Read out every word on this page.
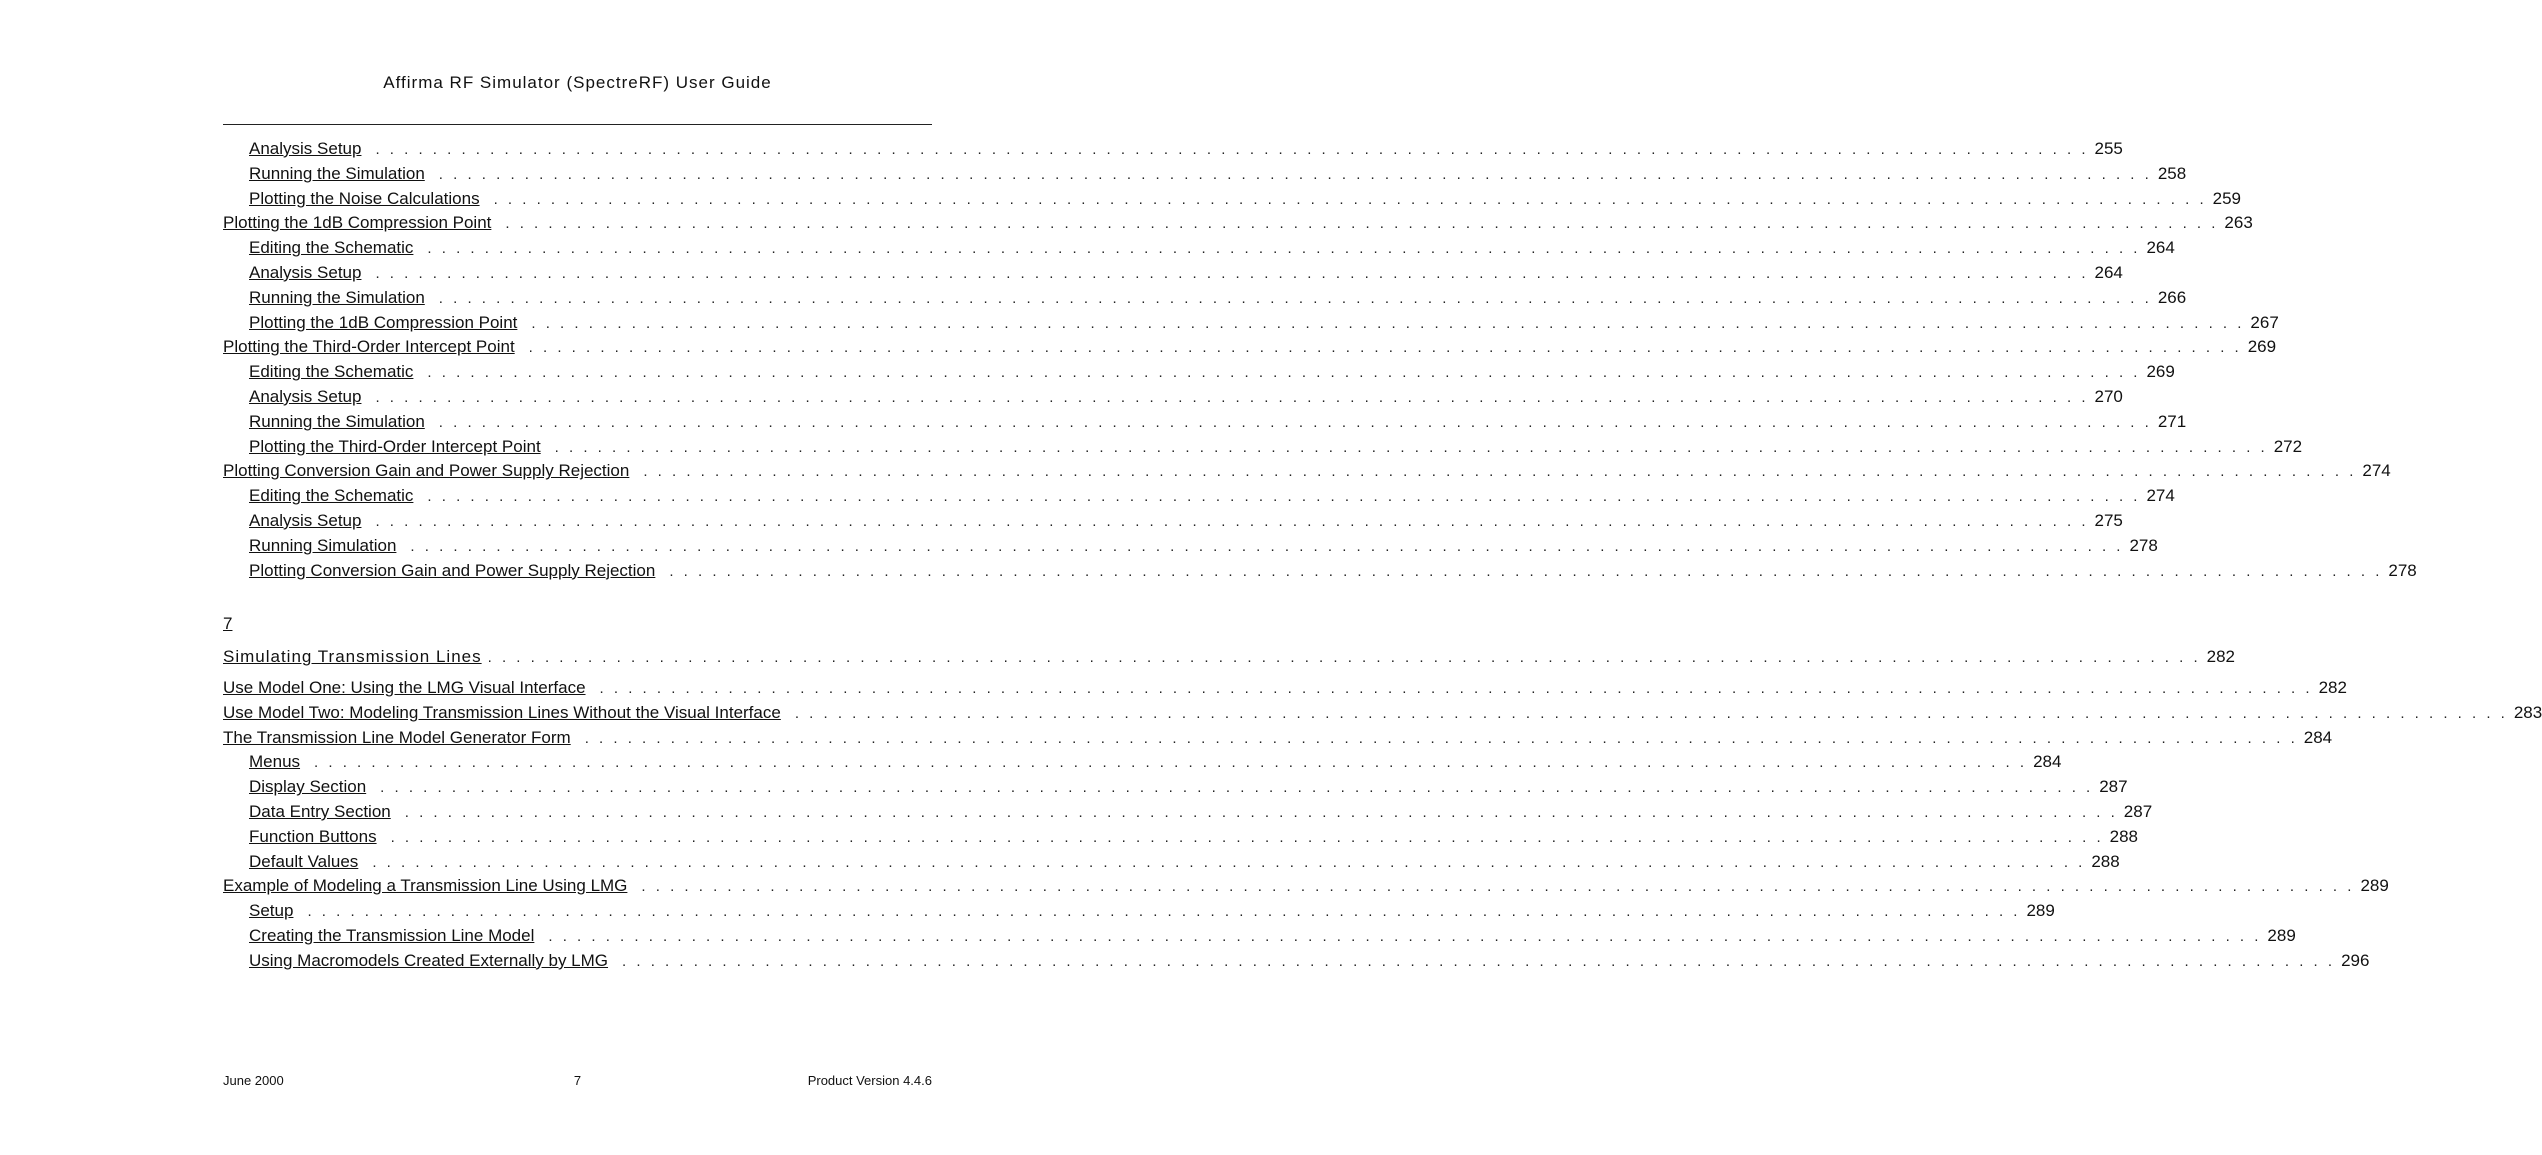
Affirma RF Simulator (SpectreRF) User Guide
Analysis Setup . . . . . . . . . . . . . . . . . . . . . . . . . . . . . . . . . . . . . . . . . . . . . . . . . . . . . . . . . . . . . . . . . . . . . . . . . . . . . . . . . . . . . . . . . . . . . . . . . . . . . . . . . . . . . . . . . . . . . . . . 255
Running the Simulation . . . . . . . . . . . . . . . . . . . . . . . . . . . . . . . . . . . . . . . . . . . . . . . . . . . . . . . . . . . . . . . . . . . . . . . . . . . . . . . . . . . . . . . . . . . . . . . . . . . . . . . . . . . . . . . . . . . . . . . . 258
Plotting the Noise Calculations . . . . . . . . . . . . . . . . . . . . . . . . . . . . . . . . . . . . . . . . . . . . . . . . . . . . . . . . . . . . . . . . . . . . . . . . . . . . . . . . . . . . . . . . . . . . . . . . . . . . . . . . . . . . . . . . . . . . . . . . 259
Plotting the 1dB Compression Point . . . . . . . . . . . . . . . . . . . . . . . . . . . . . . . . . . . . . . . . . . . . . . . . . . . . . . . . . . . . . . . . . . . . . . . . . . . . . . . . . . . . . . . . . . . . . . . . . . . . . . . . . . . . . . . . . . . . . . . . 263
Editing the Schematic . . . . . . . . . . . . . . . . . . . . . . . . . . . . . . . . . . . . . . . . . . . . . . . . . . . . . . . . . . . . . . . . . . . . . . . . . . . . . . . . . . . . . . . . . . . . . . . . . . . . . . . . . . . . . . . . . . . . . . . . 264
Analysis Setup . . . . . . . . . . . . . . . . . . . . . . . . . . . . . . . . . . . . . . . . . . . . . . . . . . . . . . . . . . . . . . . . . . . . . . . . . . . . . . . . . . . . . . . . . . . . . . . . . . . . . . . . . . . . . . . . . . . . . . . . 264
Running the Simulation . . . . . . . . . . . . . . . . . . . . . . . . . . . . . . . . . . . . . . . . . . . . . . . . . . . . . . . . . . . . . . . . . . . . . . . . . . . . . . . . . . . . . . . . . . . . . . . . . . . . . . . . . . . . . . . . . . . . . . . . 266
Plotting the 1dB Compression Point . . . . . . . . . . . . . . . . . . . . . . . . . . . . . . . . . . . . . . . . . . . . . . . . . . . . . . . . . . . . . . . . . . . . . . . . . . . . . . . . . . . . . . . . . . . . . . . . . . . . . . . . . . . . . . . . . . . . . . . . 267
Plotting the Third-Order Intercept Point . . . . . . . . . . . . . . . . . . . . . . . . . . . . . . . . . . . . . . . . . . . . . . . . . . . . . . . . . . . . . . . . . . . . . . . . . . . . . . . . . . . . . . . . . . . . . . . . . . . . . . . . . . . . . . . . . . . . . . . . 269
Editing the Schematic . . . . . . . . . . . . . . . . . . . . . . . . . . . . . . . . . . . . . . . . . . . . . . . . . . . . . . . . . . . . . . . . . . . . . . . . . . . . . . . . . . . . . . . . . . . . . . . . . . . . . . . . . . . . . . . . . . . . . . . . 269
Analysis Setup . . . . . . . . . . . . . . . . . . . . . . . . . . . . . . . . . . . . . . . . . . . . . . . . . . . . . . . . . . . . . . . . . . . . . . . . . . . . . . . . . . . . . . . . . . . . . . . . . . . . . . . . . . . . . . . . . . . . . . . . 270
Running the Simulation . . . . . . . . . . . . . . . . . . . . . . . . . . . . . . . . . . . . . . . . . . . . . . . . . . . . . . . . . . . . . . . . . . . . . . . . . . . . . . . . . . . . . . . . . . . . . . . . . . . . . . . . . . . . . . . . . . . . . . . . 271
Plotting the Third-Order Intercept Point . . . . . . . . . . . . . . . . . . . . . . . . . . . . . . . . . . . . . . . . . . . . . . . . . . . . . . . . . . . . . . . . . . . . . . . . . . . . . . . . . . . . . . . . . . . . . . . . . . . . . . . . . . . . . . . . . . . . . . . . 272
Plotting Conversion Gain and Power Supply Rejection . . . . . . . . . . . . . . . . . . . . . . . . . . . . . . . . . . . . . . . . . . . . . . . . . . . . . . . . . . . . . . . . . . . . . . . . . . . . . . . . . . . . . . . . . . . . . . . . . . . . . . . . . . . . . . . . . . . . . . . . 274
Editing the Schematic . . . . . . . . . . . . . . . . . . . . . . . . . . . . . . . . . . . . . . . . . . . . . . . . . . . . . . . . . . . . . . . . . . . . . . . . . . . . . . . . . . . . . . . . . . . . . . . . . . . . . . . . . . . . . . . . . . . . . . . . 274
Analysis Setup . . . . . . . . . . . . . . . . . . . . . . . . . . . . . . . . . . . . . . . . . . . . . . . . . . . . . . . . . . . . . . . . . . . . . . . . . . . . . . . . . . . . . . . . . . . . . . . . . . . . . . . . . . . . . . . . . . . . . . . . 275
Running Simulation . . . . . . . . . . . . . . . . . . . . . . . . . . . . . . . . . . . . . . . . . . . . . . . . . . . . . . . . . . . . . . . . . . . . . . . . . . . . . . . . . . . . . . . . . . . . . . . . . . . . . . . . . . . . . . . . . . . . . . . . 278
Plotting Conversion Gain and Power Supply Rejection . . . . . . . . . . . . . . . . . . . . . . . . . . . . . . . . . . . . . . . . . . . . . . . . . . . . . . . . . . . . . . . . . . . . . . . . . . . . . . . . . . . . . . . . . . . . . . . . . . . . . . . . . . . . . . . . . . . . . . . . 278
7
Simulating Transmission Lines . . . . . . . . . . . . . . . . . . . . . . . . . . . . . . . . . . . . . . . . . . . . . . . . . . . . . . . . . . . . . . . . . . . . . . . . . . . . . . . . . . . . . . . . . . . . . . . . . . . . . . . . . . . . . . . . . . . . . . . . 282
Use Model One: Using the LMG Visual Interface . . . . . . . . . . . . . . . . . . . . . . . . . . . . . . . . . . . . . . . . . . . . . . . . . . . . . . . . . . . . . . . . . . . . . . . . . . . . . . . . . . . . . . . . . . . . . . . . . . . . . . . . . . . . . . . . . . . . . . . . 282
Use Model Two: Modeling Transmission Lines Without the Visual Interface . . . . . . . . . . . . . . . . . . . . . . . . . . . . . . . . . . . . . . . . . . . . . . . . . . . . . . . . . . . . . . . . . . . . . . . . . . . . . . . . . . . . . . . . . . . . . . . . . . . . . . . . . . . . . . . . . . . . . . . . 283
The Transmission Line Model Generator Form . . . . . . . . . . . . . . . . . . . . . . . . . . . . . . . . . . . . . . . . . . . . . . . . . . . . . . . . . . . . . . . . . . . . . . . . . . . . . . . . . . . . . . . . . . . . . . . . . . . . . . . . . . . . . . . . . . . . . . . . 284
Menus . . . . . . . . . . . . . . . . . . . . . . . . . . . . . . . . . . . . . . . . . . . . . . . . . . . . . . . . . . . . . . . . . . . . . . . . . . . . . . . . . . . . . . . . . . . . . . . . . . . . . . . . . . . . . . . . . . . . . . . . 284
Display Section . . . . . . . . . . . . . . . . . . . . . . . . . . . . . . . . . . . . . . . . . . . . . . . . . . . . . . . . . . . . . . . . . . . . . . . . . . . . . . . . . . . . . . . . . . . . . . . . . . . . . . . . . . . . . . . . . . . . . . . . 287
Data Entry Section . . . . . . . . . . . . . . . . . . . . . . . . . . . . . . . . . . . . . . . . . . . . . . . . . . . . . . . . . . . . . . . . . . . . . . . . . . . . . . . . . . . . . . . . . . . . . . . . . . . . . . . . . . . . . . . . . . . . . . . . 287
Function Buttons . . . . . . . . . . . . . . . . . . . . . . . . . . . . . . . . . . . . . . . . . . . . . . . . . . . . . . . . . . . . . . . . . . . . . . . . . . . . . . . . . . . . . . . . . . . . . . . . . . . . . . . . . . . . . . . . . . . . . . . . 288
Default Values . . . . . . . . . . . . . . . . . . . . . . . . . . . . . . . . . . . . . . . . . . . . . . . . . . . . . . . . . . . . . . . . . . . . . . . . . . . . . . . . . . . . . . . . . . . . . . . . . . . . . . . . . . . . . . . . . . . . . . . . 288
Example of Modeling a Transmission Line Using LMG . . . . . . . . . . . . . . . . . . . . . . . . . . . . . . . . . . . . . . . . . . . . . . . . . . . . . . . . . . . . . . . . . . . . . . . . . . . . . . . . . . . . . . . . . . . . . . . . . . . . . . . . . . . . . . . . . . . . . . . . 289
Setup . . . . . . . . . . . . . . . . . . . . . . . . . . . . . . . . . . . . . . . . . . . . . . . . . . . . . . . . . . . . . . . . . . . . . . . . . . . . . . . . . . . . . . . . . . . . . . . . . . . . . . . . . . . . . . . . . . . . . . . . 289
Creating the Transmission Line Model . . . . . . . . . . . . . . . . . . . . . . . . . . . . . . . . . . . . . . . . . . . . . . . . . . . . . . . . . . . . . . . . . . . . . . . . . . . . . . . . . . . . . . . . . . . . . . . . . . . . . . . . . . . . . . . . . . . . . . . . 289
Using Macromodels Created Externally by LMG . . . . . . . . . . . . . . . . . . . . . . . . . . . . . . . . . . . . . . . . . . . . . . . . . . . . . . . . . . . . . . . . . . . . . . . . . . . . . . . . . . . . . . . . . . . . . . . . . . . . . . . . . . . . . . . . . . . . . . . . 296
June 2000	7	Product Version 4.4.6
